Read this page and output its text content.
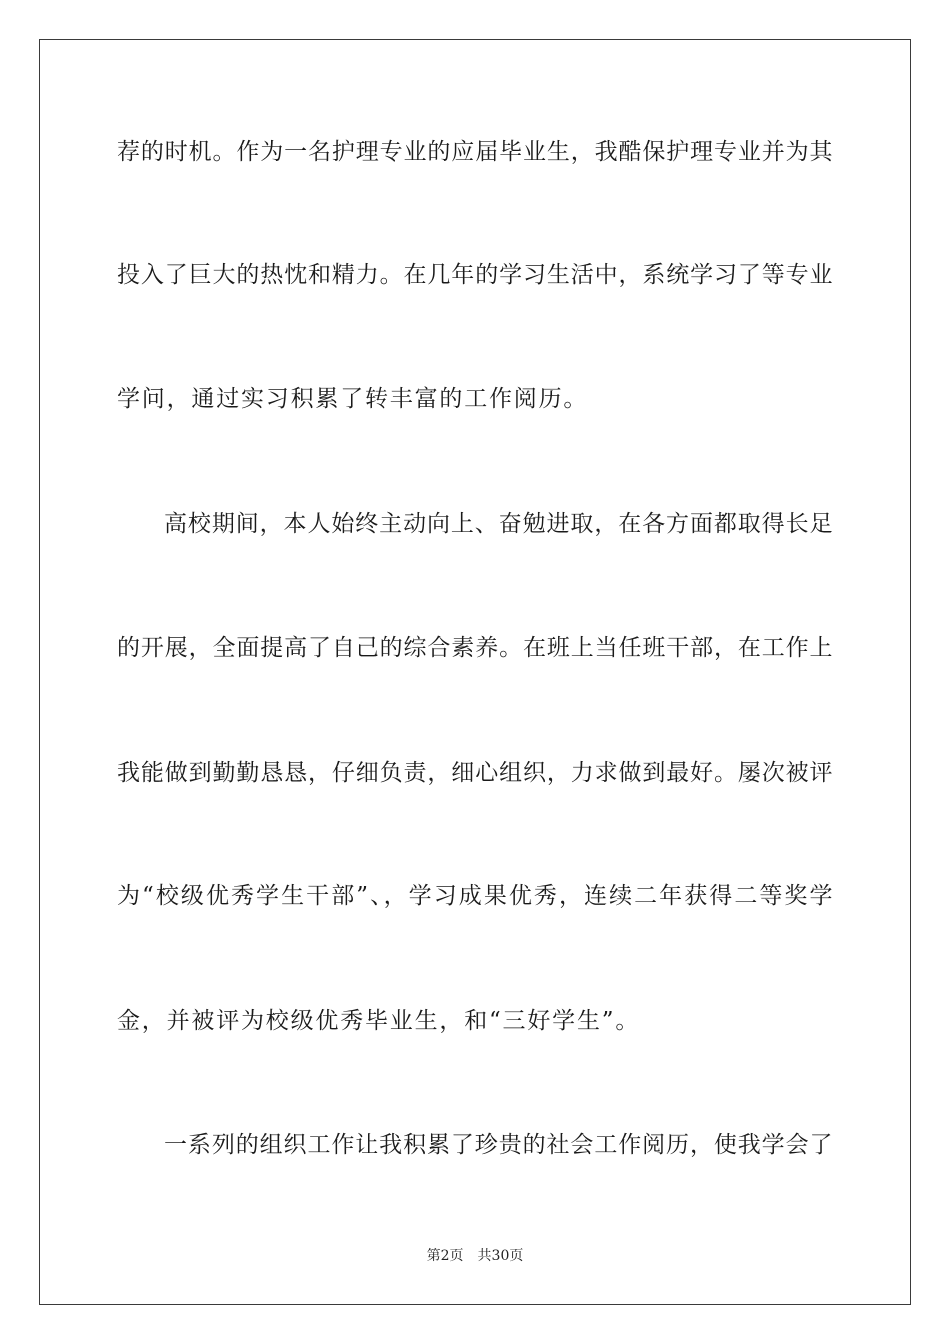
荐的时机。作为一名护理专业的应届毕业生，我酷保护理专业并为其
投入了巨大的热忱和精力。在几年的学习生活中，系统学习了等专业
学问，通过实习积累了转丰富的工作阅历。
高校期间，本人始终主动向上、奋勉进取，在各方面都取得长足
的开展，全面提高了自己的综合素养。在班上当任班干部，在工作上
我能做到勤勤恳恳，仔细负责，细心组织，力求做到最好。屡次被评
为“校级优秀学生干部”、，学习成果优秀，连续二年获得二等奖学
金，并被评为校级优秀毕业生，和“三好学生”。
一系列的组织工作让我积累了珍贵的社会工作阅历，使我学会了
第2页　共30页
